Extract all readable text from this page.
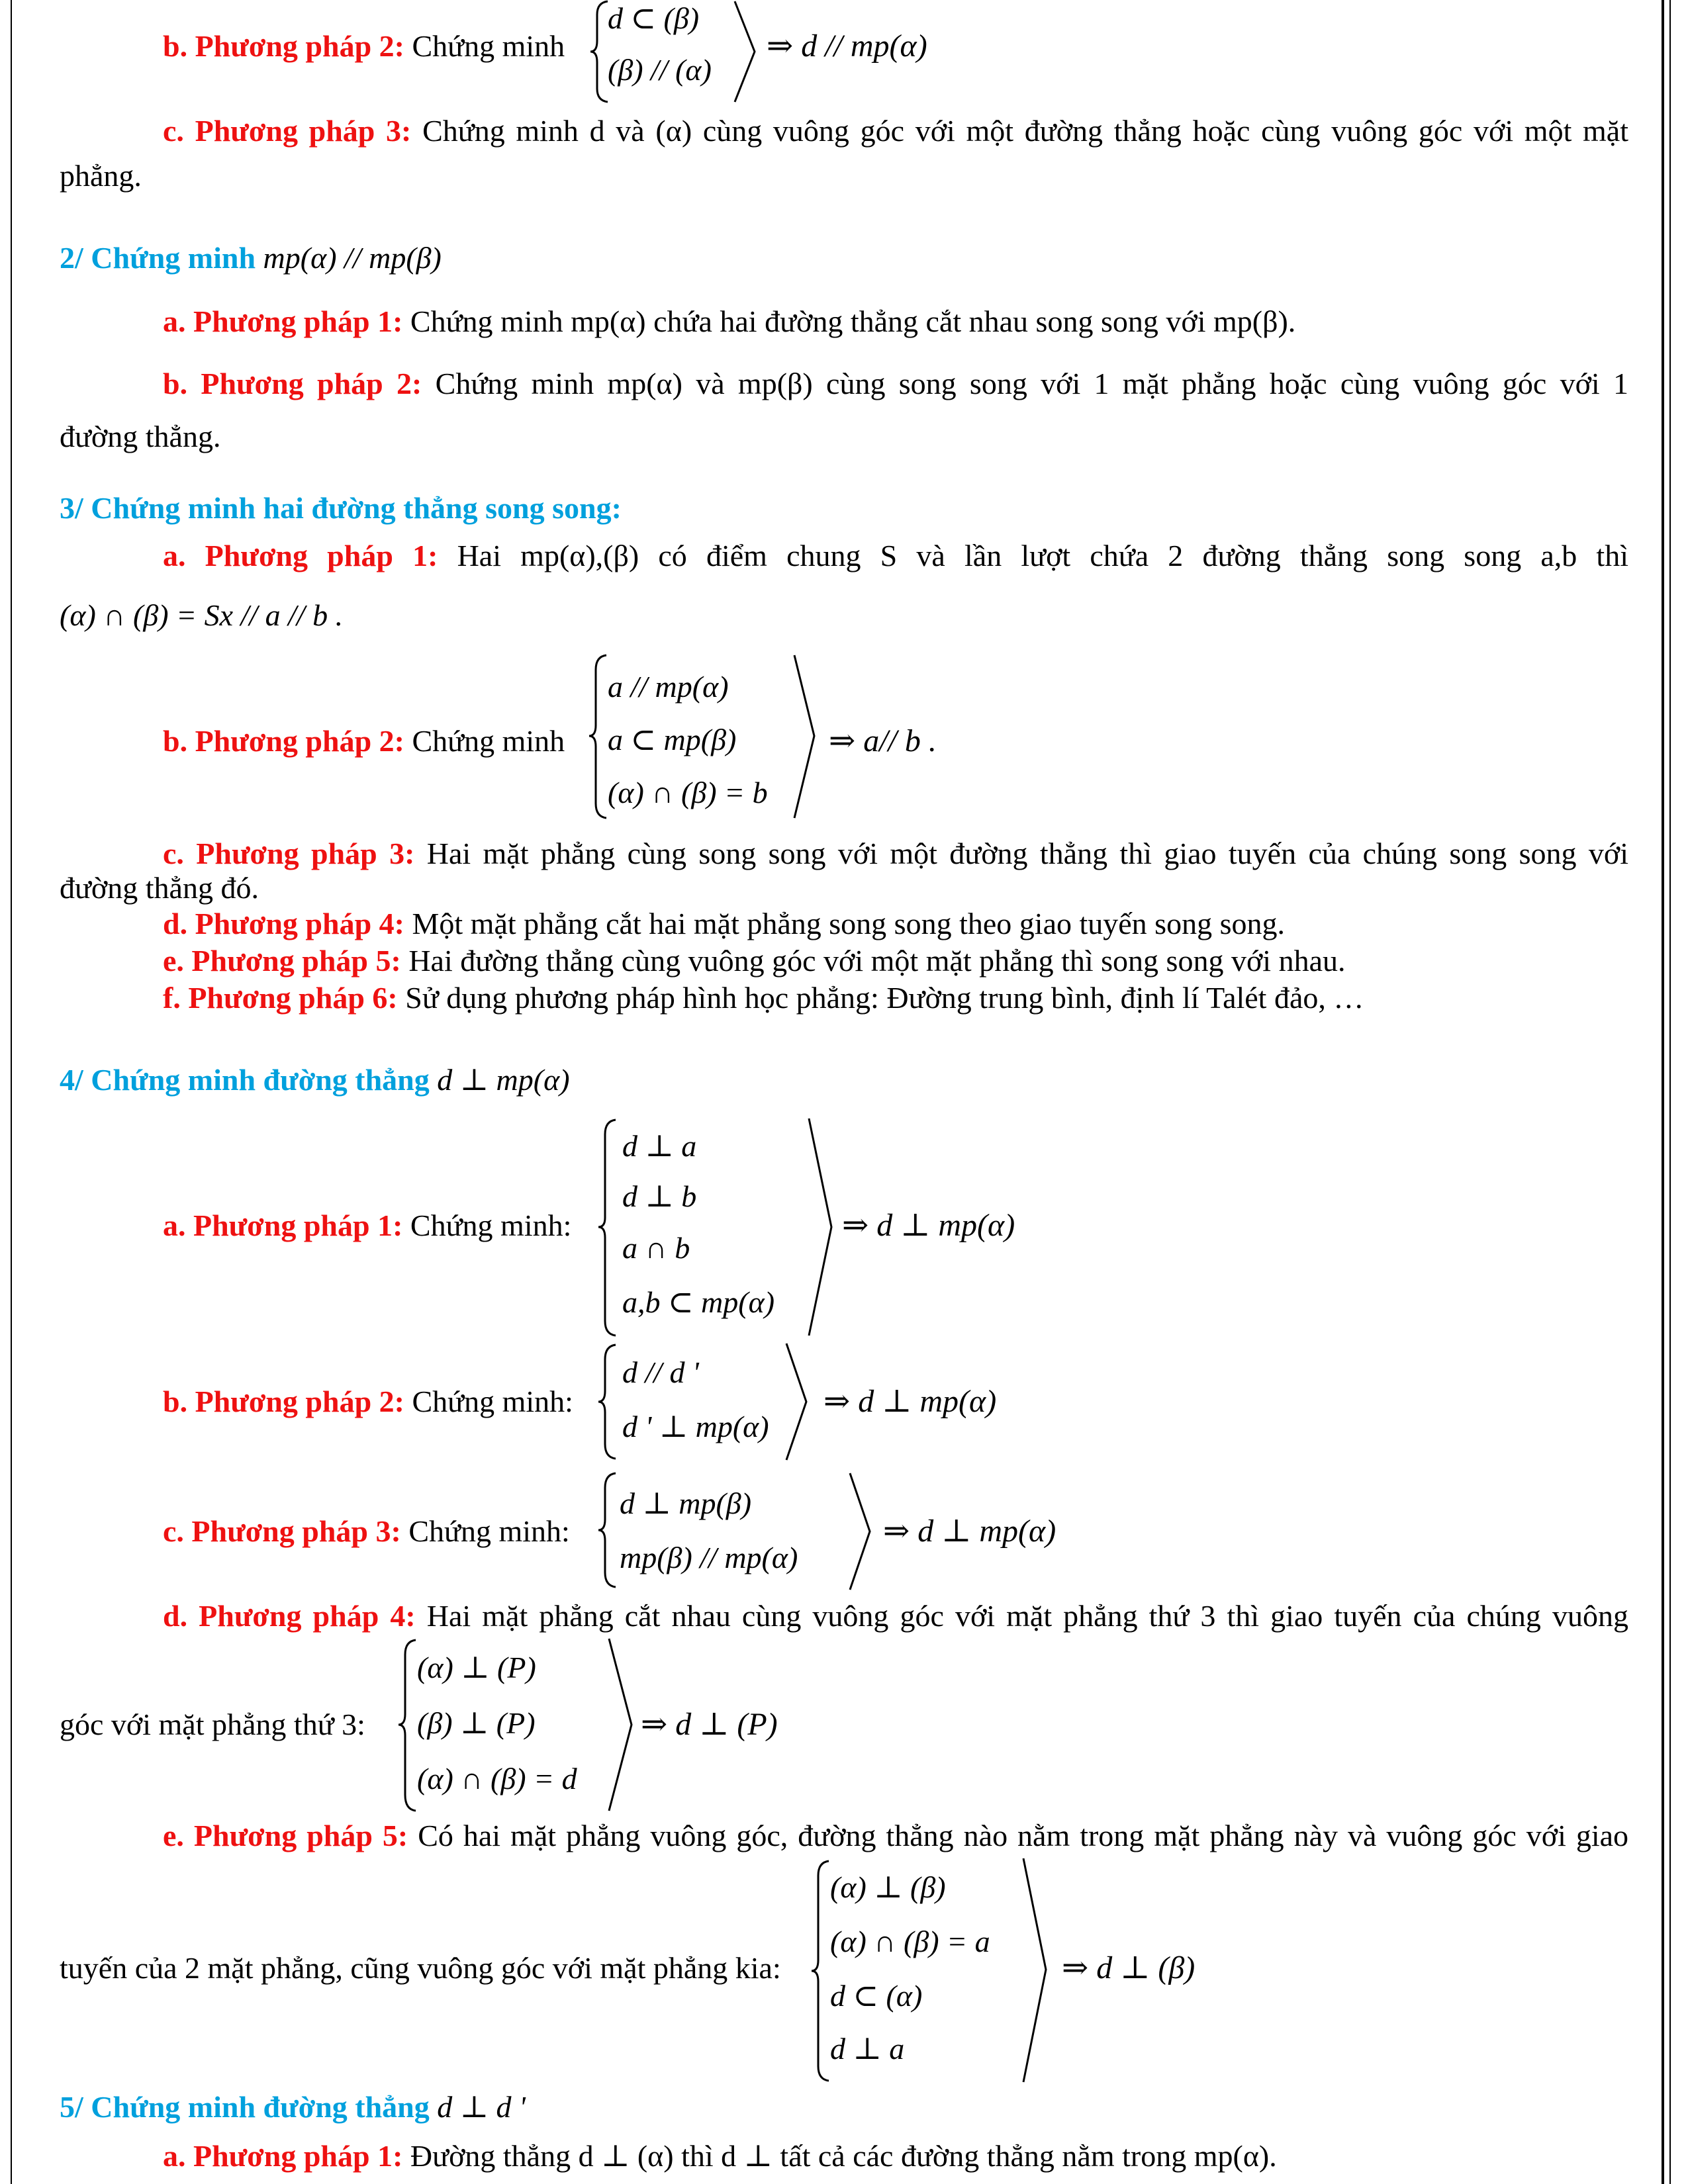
b. Phương pháp 2: Chứng minh
d ⊂ (β)
(β) // (α)
⇒ d // mp(α)
c. Phương pháp 3: Chứng minh d và (α) cùng vuông góc với một đường thẳng hoặc cùng vuông góc với một mặt
phẳng.
2/ Chứng minh mp(α) // mp(β)
a. Phương pháp 1: Chứng minh mp(α) chứa hai đường thẳng cắt nhau song song với mp(β).
b. Phương pháp 2: Chứng minh mp(α) và mp(β) cùng song song với 1 mặt phẳng hoặc cùng vuông góc với 1
đường thẳng.
3/ Chứng minh hai đường thẳng song song:
a. Phương pháp 1: Hai mp(α),(β) có điểm chung S và lần lượt chứa 2 đường thẳng song song a,b thì
(α) ∩ (β) = Sx // a // b .
b. Phương pháp 2: Chứng minh
a // mp(α)
a ⊂ mp(β)
(α) ∩ (β) = b
⇒ a// b .
c. Phương pháp 3: Hai mặt phẳng cùng song song với một đường thẳng thì giao tuyến của chúng song song với
đường thẳng đó.
d. Phương pháp 4: Một mặt phẳng cắt hai mặt phẳng song song theo giao tuyến song song.
e. Phương pháp 5: Hai đường thẳng cùng vuông góc với một mặt phẳng thì song song với nhau.
f. Phương pháp 6: Sử dụng phương pháp hình học phẳng: Đường trung bình, định lí Talét đảo, …
4/ Chứng minh đường thẳng d ⊥ mp(α)
a. Phương pháp 1: Chứng minh:
d ⊥ a
d ⊥ b
a ∩ b
a,b ⊂ mp(α)
⇒ d ⊥ mp(α)
b. Phương pháp 2: Chứng minh:
d // d '
d ' ⊥ mp(α)
⇒ d ⊥ mp(α)
c. Phương pháp 3: Chứng minh:
d ⊥ mp(β)
mp(β) // mp(α)
⇒ d ⊥ mp(α)
d. Phương pháp 4: Hai mặt phẳng cắt nhau cùng vuông góc với mặt phẳng thứ 3 thì giao tuyến của chúng vuông
góc với mặt phẳng thứ 3:
(α) ⊥ (P)
(β) ⊥ (P)
(α) ∩ (β) = d
⇒ d ⊥ (P)
e. Phương pháp 5: Có hai mặt phẳng vuông góc, đường thẳng nào nằm trong mặt phẳng này và vuông góc với giao
tuyến của 2 mặt phẳng, cũng vuông góc với mặt phẳng kia:
(α) ⊥ (β)
(α) ∩ (β) = a
d ⊂ (α)
d ⊥ a
⇒ d ⊥ (β)
5/ Chứng minh đường thẳng d ⊥ d '
a. Phương pháp 1: Đường thẳng d ⊥ (α) thì d ⊥ tất cả các đường thẳng nằm trong mp(α).
